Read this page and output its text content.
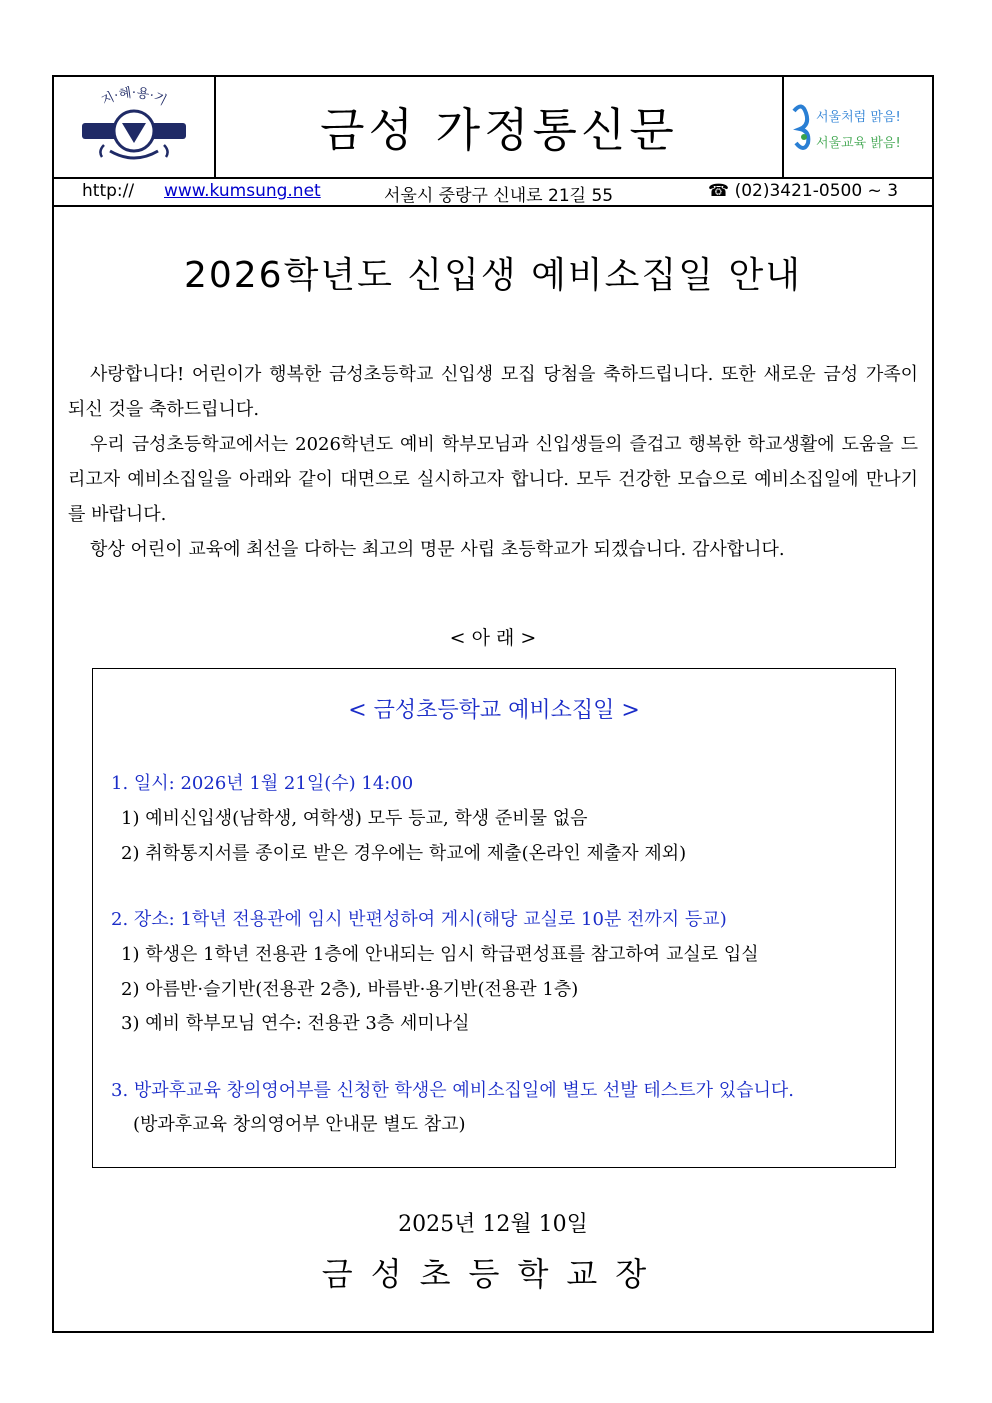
지·혜·용·기
금성 가정통신문	서울처럼 맑음!
서울교육 밝음!
http:// www.kumsung.net	서울시 중랑구 신내로 21길 55	☎ (02)3421-0500 ~ 3
2026학년도 신입생 예비소집일 안내

사랑합니다! 어린이가 행복한 금성초등학교 신입생 모집 당첨을 축하드립니다. 또한 새로운 금성 가족이 되신 것을 축하드립니다.

우리 금성초등학교에서는 2026학년도 예비 학부모님과 신입생들의 즐겁고 행복한 학교생활에 도움을 드리고자 예비소집일을 아래와 같이 대면으로 실시하고자 합니다. 모두 건강한 모습으로 예비소집일에 만나기를 바랍니다.

항상 어린이 교육에 최선을 다하는 최고의 명문 사립 초등학교가 되겠습니다. 감사합니다.

< 아 래 >
< 금성초등학교 예비소집일 >
1. 일시: 2026년 1월 21일(수) 14:00
1) 예비신입생(남학생, 여학생) 모두 등교, 학생 준비물 없음
2) 취학통지서를 종이로 받은 경우에는 학교에 제출(온라인 제출자 제외)
2. 장소: 1학년 전용관에 임시 반편성하여 게시(해당 교실로 10분 전까지 등교)
1) 학생은 1학년 전용관 1층에 안내되는 임시 학급편성표를 참고하여 교실로 입실
2) 아름반·슬기반(전용관 2층), 바름반·용기반(전용관 1층)
3) 예비 학부모님 연수: 전용관 3층 세미나실
3. 방과후교육 창의영어부를 신청한 학생은 예비소집일에 별도 선발 테스트가 있습니다.
(방과후교육 창의영어부 안내문 별도 참고)
2025년 12월 10일
금성초등학교장
